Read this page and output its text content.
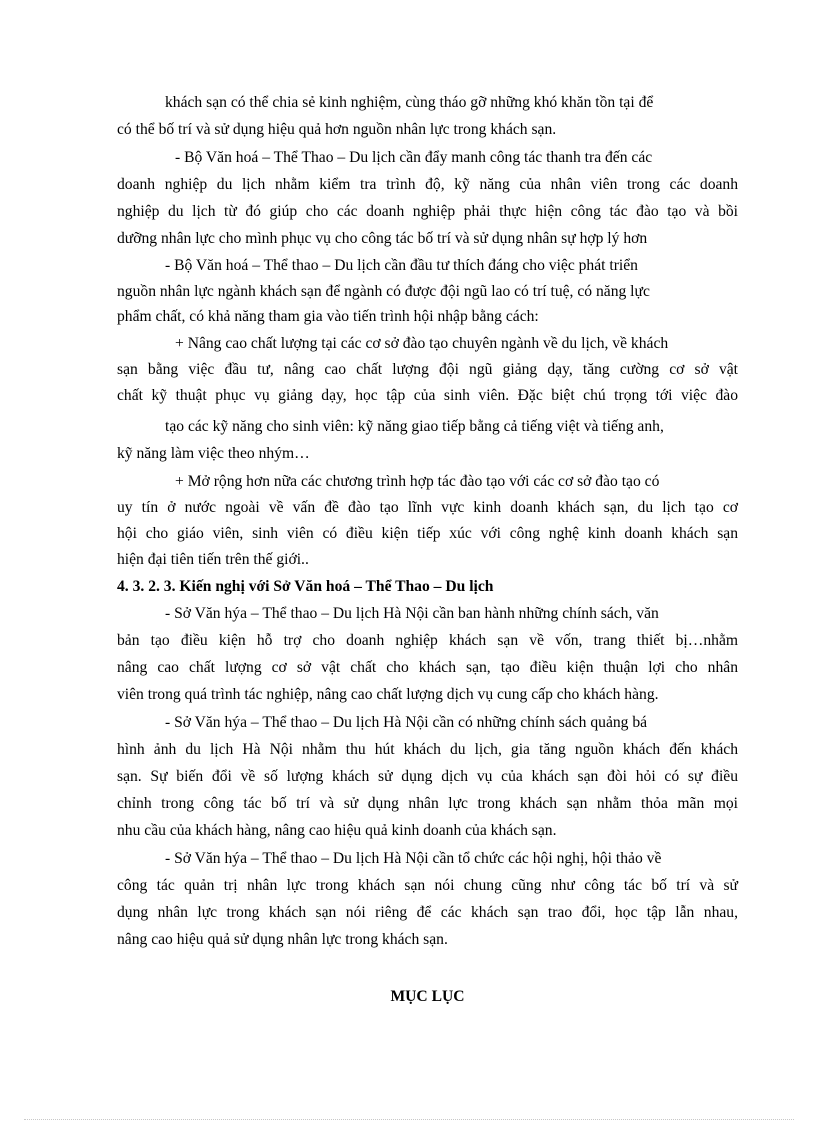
khách sạn có thể chia sẻ kinh nghiệm, cùng tháo gỡ những khó khăn tồn tại để
có thể bố trí và sử dụng hiệu quả hơn nguồn nhân lực trong khách sạn.
- Bộ Văn hoá – Thể Thao – Du lịch cần đẩy manh công tác thanh tra đến các
doanh nghiệp du lịch nhằm kiểm tra trình độ, kỹ năng của nhân viên trong các doanh
nghiệp du lịch từ đó giúp cho các doanh nghiệp phải thực hiện công tác đào tạo và bồi
dưỡng nhân lực cho mình phục vụ cho công tác bố trí và sử dụng nhân sự hợp lý hơn
- Bộ Văn hoá – Thể thao – Du lịch cần đầu tư thích đáng cho việc phát triển
nguồn nhân lực ngành khách sạn để ngành có được đội ngũ lao có trí tuệ, có năng lực
phẩm chất, có khả năng tham gia vào tiến trình hội nhập bằng cách:
+ Nâng cao chất lượng tại các cơ sở đào tạo chuyên ngành về du lịch, về khách
sạn bằng việc đầu tư, nâng cao chất lượng đội ngũ giảng dạy, tăng cường cơ sở vật
chất kỹ thuật phục vụ giảng dạy, học tập của sinh viên. Đặc biệt chú trọng tới việc đào
tạo các kỹ năng cho sinh viên: kỹ năng giao tiếp bằng cả tiếng việt và tiếng anh,
kỹ năng làm việc theo nhým…
+ Mở rộng hơn nữa các chương trình hợp tác đào tạo với các cơ sở đào tạo có
uy tín ở nước ngoài về vấn đề đào tạo lĩnh vực kinh doanh khách sạn, du lịch tạo cơ
hội cho giáo viên, sinh viên có điều kiện tiếp xúc với công nghệ kinh doanh khách sạn
hiện đại tiên tiến trên thế giới..
4. 3. 2. 3. Kiến nghị với Sở Văn hoá – Thể Thao – Du lịch
- Sở Văn hýa – Thể thao – Du lịch Hà Nội cần ban hành những chính sách, văn
bản tạo điều kiện hỗ trợ cho doanh nghiệp khách sạn về vốn, trang thiết bị…nhằm
nâng cao chất lượng cơ sở vật chất cho khách sạn, tạo điều kiện thuận lợi cho nhân
viên trong quá trình tác nghiệp, nâng cao chất lượng dịch vụ cung cấp cho khách hàng.
- Sở Văn hýa – Thể thao – Du lịch Hà Nội cần có những chính sách quảng bá
hình ảnh du lịch Hà Nội nhằm thu hút khách du lịch, gia tăng nguồn khách đến khách
sạn. Sự biến đổi về số lượng khách sử dụng dịch vụ của khách sạn đòi hỏi có sự điều
chỉnh trong công tác bố trí và sử dụng nhân lực trong khách sạn nhằm thỏa mãn mọi
nhu cầu của khách hàng, nâng cao hiệu quả kinh doanh của khách sạn.
- Sở Văn hýa – Thể thao – Du lịch Hà Nội cần tổ chức các hội nghị, hội thảo về
công tác quản trị nhân lực trong khách sạn nói chung cũng như công tác bố trí và sử
dụng nhân lực trong khách sạn nói riêng để các khách sạn trao đổi, học tập lẫn nhau,
nâng cao hiệu quả sử dụng nhân lực trong khách sạn.
MỤC LỤC
